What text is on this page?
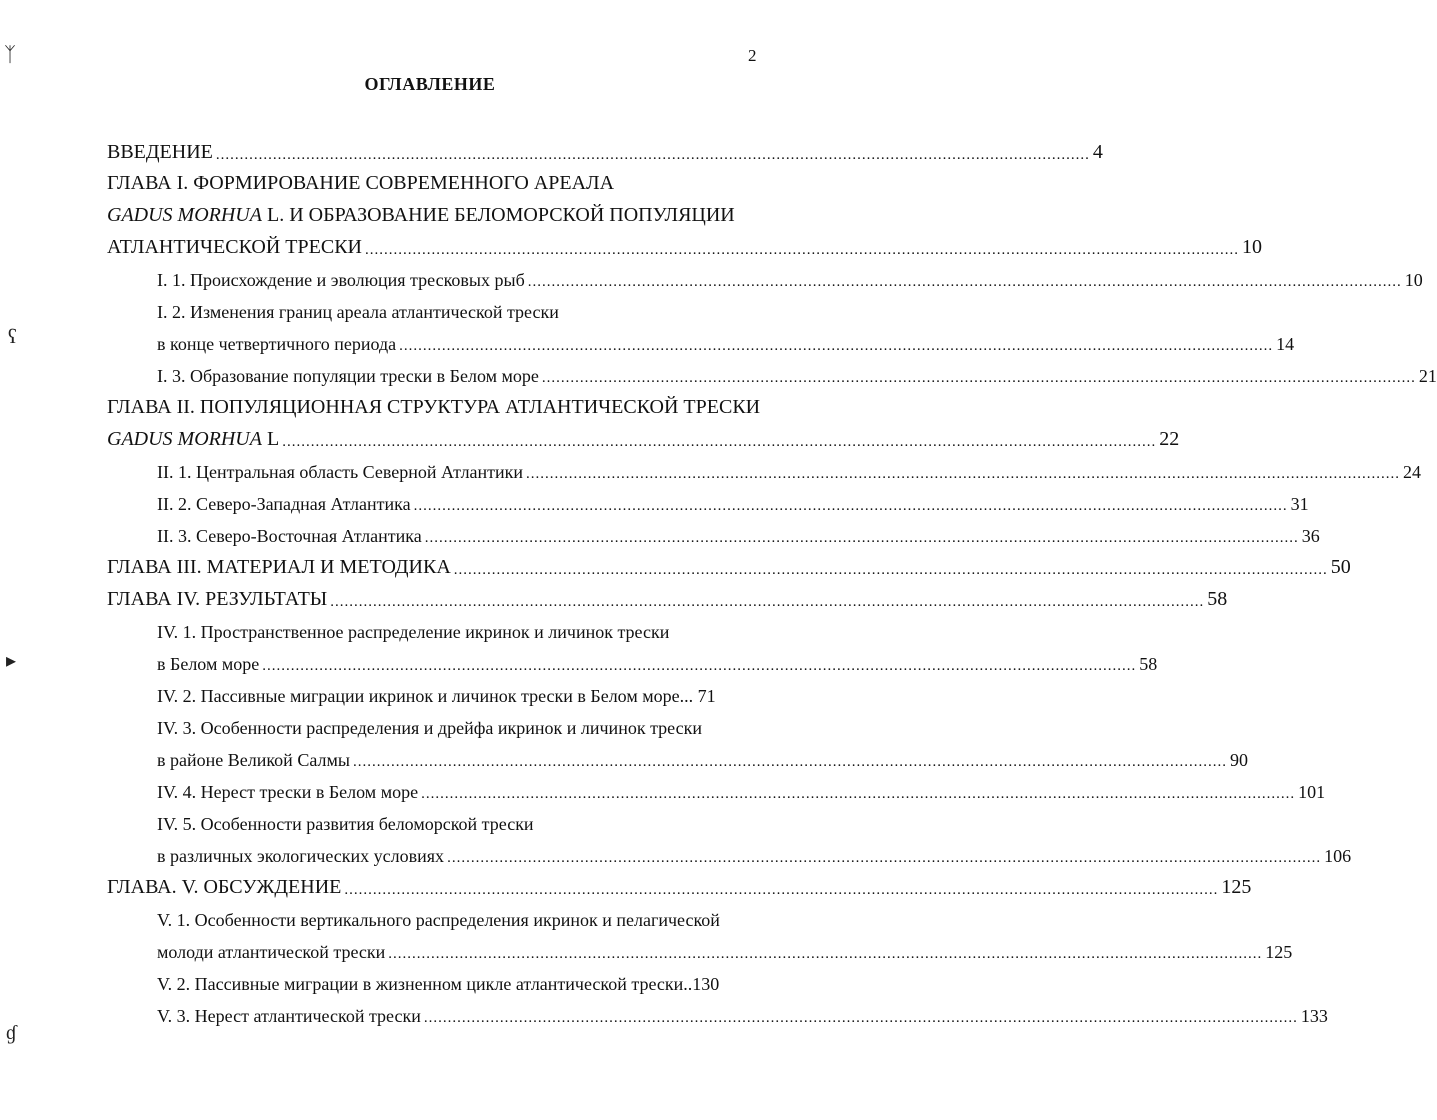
2
ОГЛАВЛЕНИЕ
ᛉ
ʕ
▸
ɠ
ВВЕДЕНИЕ ........................................................................................................................................................................................ 4
ГЛАВА I. ФОРМИРОВАНИЕ СОВРЕМЕННОГО АРЕАЛА
GADUS MORHUA L. И ОБРАЗОВАНИЕ БЕЛОМОРСКОЙ ПОПУЛЯЦИИ
АТЛАНТИЧЕСКОЙ ТРЕСКИ ........................................................................................................................................................................................ 10
I. 1. Происхождение и эволюция тресковых рыб ........................................................................................................................................................................................ 10
I. 2. Изменения границ ареала атлантической трески
в конце четвертичного периода ........................................................................................................................................................................................ 14
I. 3. Образование популяции трески в Белом море ........................................................................................................................................................................................ 21
ГЛАВА II. ПОПУЛЯЦИОННАЯ СТРУКТУРА АТЛАНТИЧЕСКОЙ ТРЕСКИ
GADUS MORHUA L ........................................................................................................................................................................................ 22
II. 1. Центральная область Северной Атлантики ........................................................................................................................................................................................ 24
II. 2. Северо-Западная Атлантика ........................................................................................................................................................................................ 31
II. 3. Северо-Восточная Атлантика ........................................................................................................................................................................................ 36
ГЛАВА III. МАТЕРИАЛ И МЕТОДИКА ........................................................................................................................................................................................ 50
ГЛАВА IV. РЕЗУЛЬТАТЫ ........................................................................................................................................................................................ 58
IV. 1. Пространственное распределение икринок и личинок трески
в Белом море ........................................................................................................................................................................................ 58
IV. 2. Пассивные миграции икринок и личинок трески в Белом море... 71
IV. 3. Особенности распределения и дрейфа икринок и личинок трески
в районе Великой Салмы ........................................................................................................................................................................................ 90
IV. 4. Нерест трески в Белом море ........................................................................................................................................................................................ 101
IV. 5. Особенности развития беломорской трески
в различных экологических условиях ........................................................................................................................................................................................ 106
ГЛАВА. V. ОБСУЖДЕНИЕ ........................................................................................................................................................................................ 125
V. 1. Особенности вертикального распределения икринок и пелагической
молоди атлантической трески ........................................................................................................................................................................................ 125
V. 2. Пассивные миграции в жизненном цикле атлантической трески..130
V. 3. Нерест атлантической трески ........................................................................................................................................................................................ 133
